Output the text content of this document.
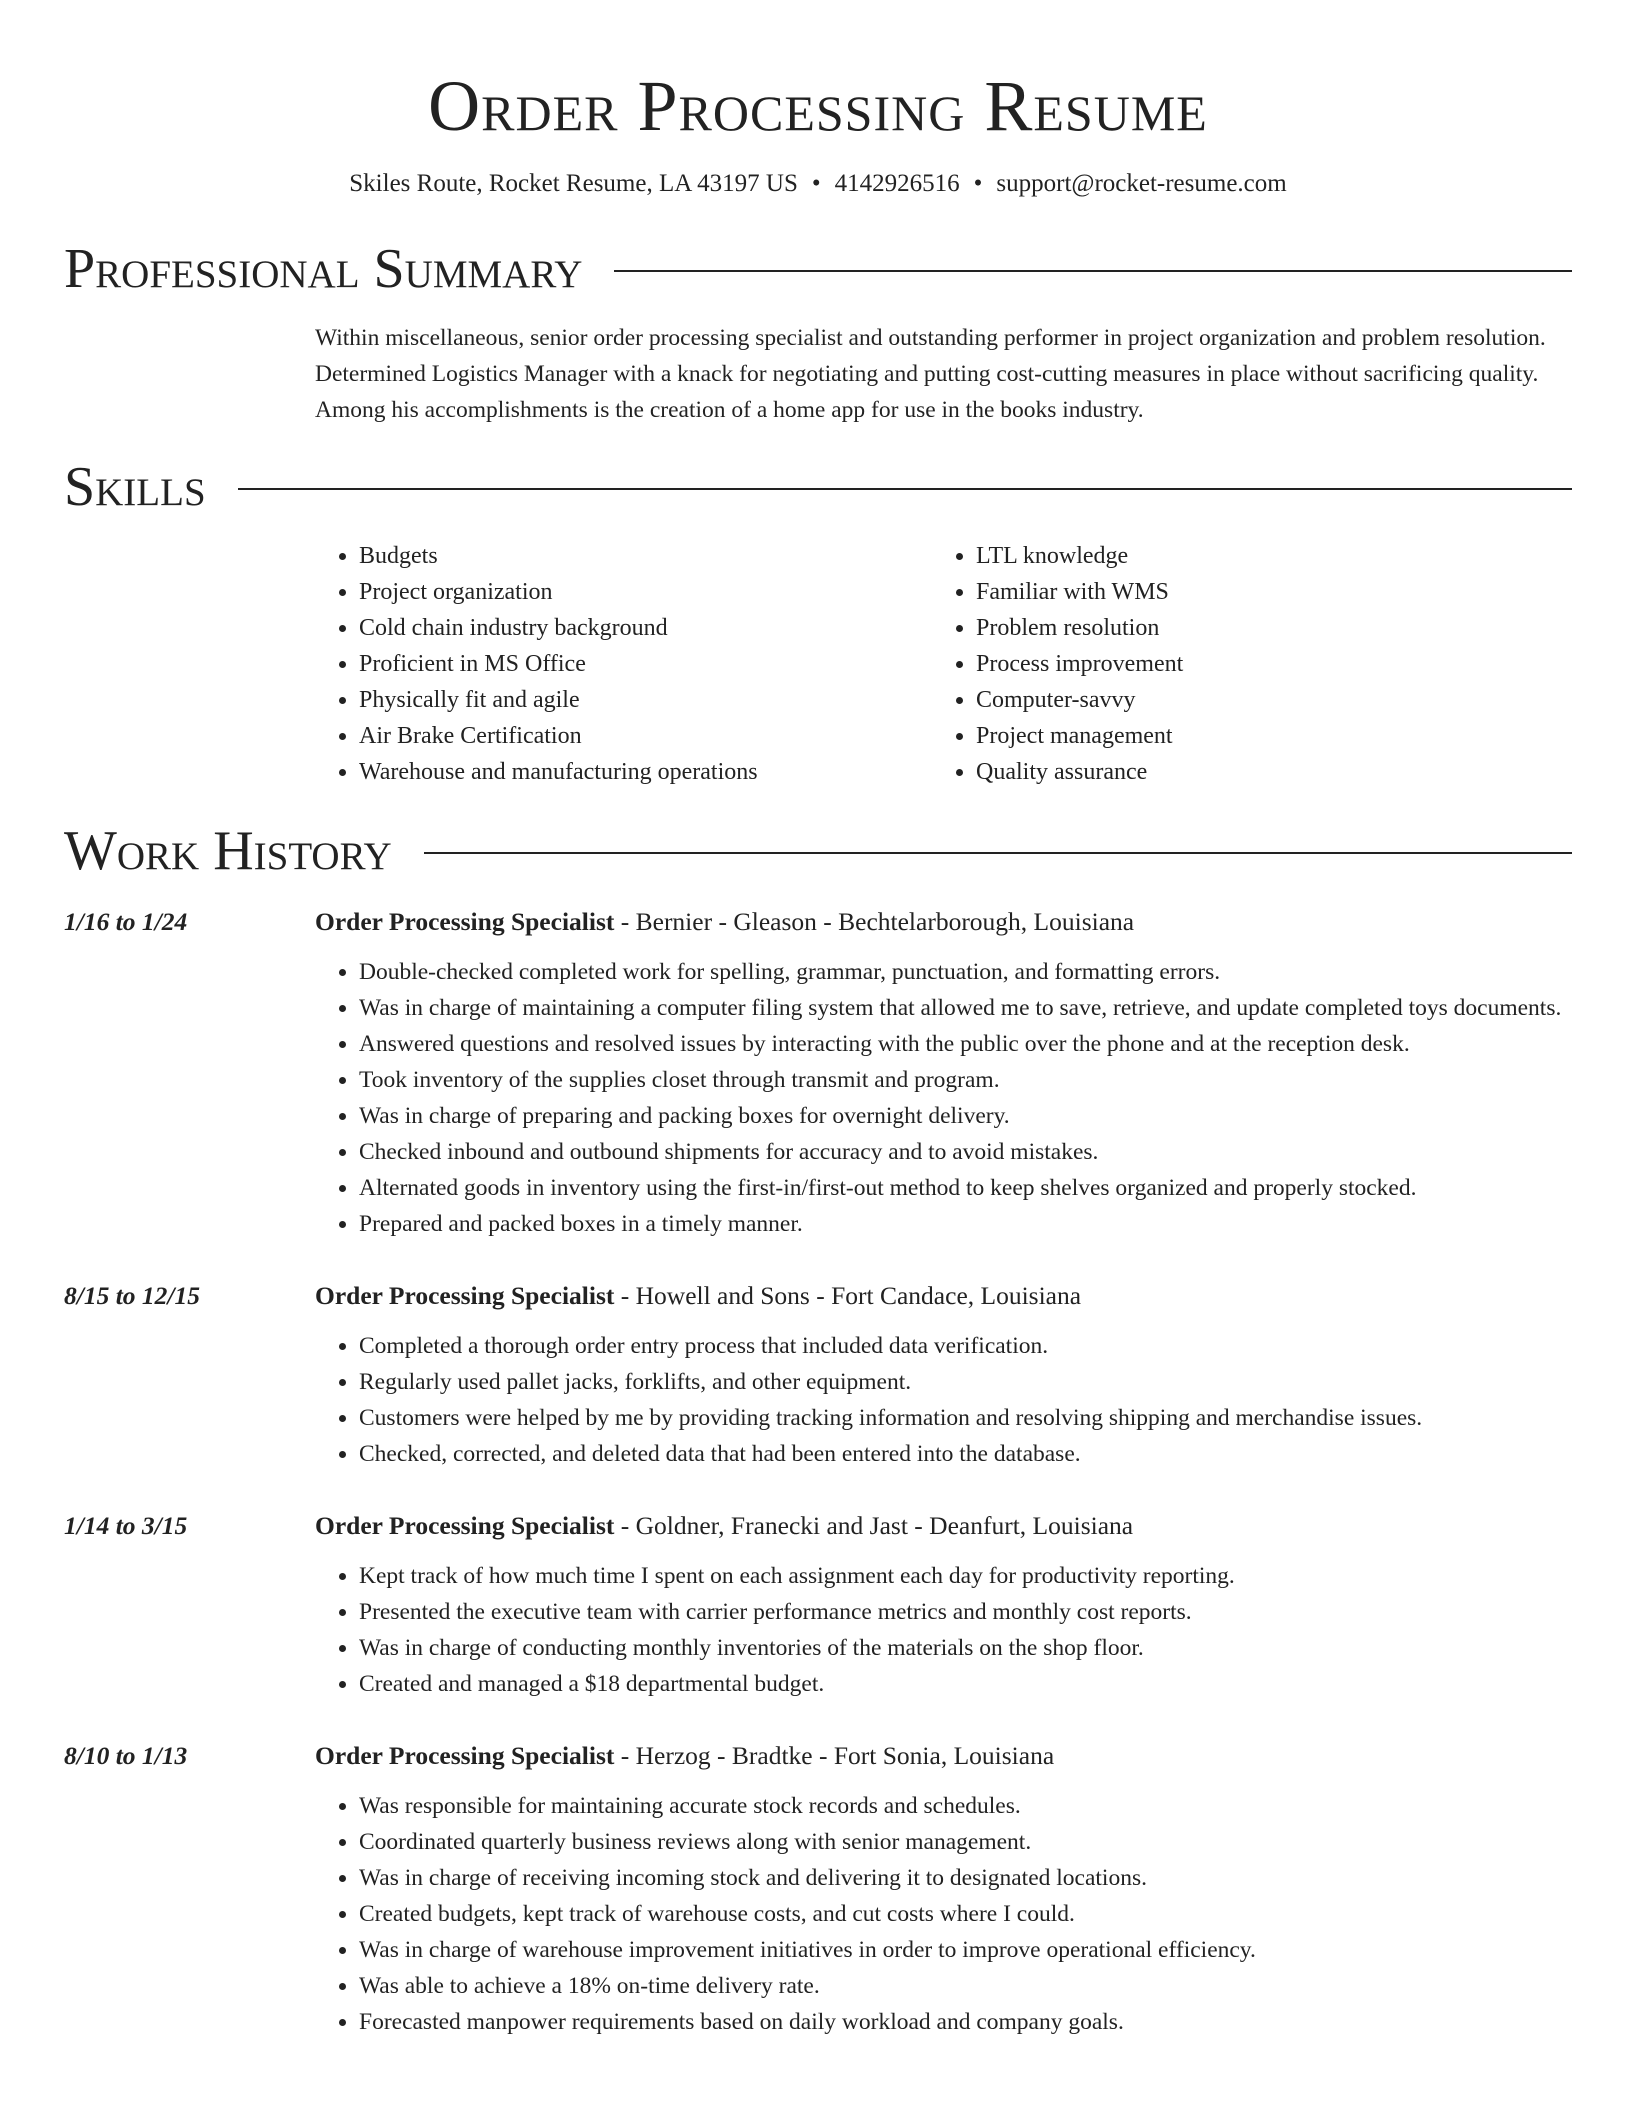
Order Processing Resume
Skiles Route, Rocket Resume, LA 43197 US • 4142926516 • support@rocket-resume.com
Professional Summary
Within miscellaneous, senior order processing specialist and outstanding performer in project organization and problem resolution. Determined Logistics Manager with a knack for negotiating and putting cost-cutting measures in place without sacrificing quality. Among his accomplishments is the creation of a home app for use in the books industry.
Skills
• Budgets
• Project organization
• Cold chain industry background
• Proficient in MS Office
• Physically fit and agile
• Air Brake Certification
• Warehouse and manufacturing operations
• LTL knowledge
• Familiar with WMS
• Problem resolution
• Process improvement
• Computer-savvy
• Project management
• Quality assurance
Work History
1/16 to 1/24	Order Processing Specialist - Bernier - Gleason - Bechtelarborough, Louisiana
• Double-checked completed work for spelling, grammar, punctuation, and formatting errors.
• Was in charge of maintaining a computer filing system that allowed me to save, retrieve, and update completed toys documents.
• Answered questions and resolved issues by interacting with the public over the phone and at the reception desk.
• Took inventory of the supplies closet through transmit and program.
• Was in charge of preparing and packing boxes for overnight delivery.
• Checked inbound and outbound shipments for accuracy and to avoid mistakes.
• Alternated goods in inventory using the first-in/first-out method to keep shelves organized and properly stocked.
• Prepared and packed boxes in a timely manner.
8/15 to 12/15	Order Processing Specialist - Howell and Sons - Fort Candace, Louisiana
• Completed a thorough order entry process that included data verification.
• Regularly used pallet jacks, forklifts, and other equipment.
• Customers were helped by me by providing tracking information and resolving shipping and merchandise issues.
• Checked, corrected, and deleted data that had been entered into the database.
1/14 to 3/15	Order Processing Specialist - Goldner, Franecki and Jast - Deanfurt, Louisiana
• Kept track of how much time I spent on each assignment each day for productivity reporting.
• Presented the executive team with carrier performance metrics and monthly cost reports.
• Was in charge of conducting monthly inventories of the materials on the shop floor.
• Created and managed a $18 departmental budget.
8/10 to 1/13	Order Processing Specialist - Herzog - Bradtke - Fort Sonia, Louisiana
• Was responsible for maintaining accurate stock records and schedules.
• Coordinated quarterly business reviews along with senior management.
• Was in charge of receiving incoming stock and delivering it to designated locations.
• Created budgets, kept track of warehouse costs, and cut costs where I could.
• Was in charge of warehouse improvement initiatives in order to improve operational efficiency.
• Was able to achieve a 18% on-time delivery rate.
• Forecasted manpower requirements based on daily workload and company goals.
